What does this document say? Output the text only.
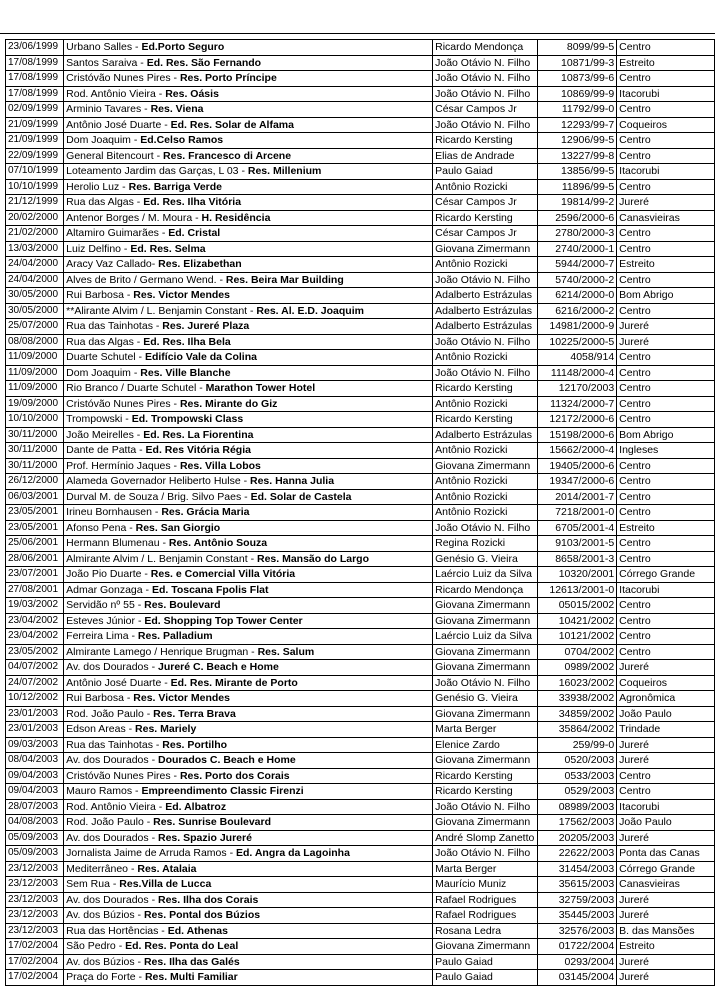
23/06/1999	Urbano Salles - Ed.Porto Seguro	Ricardo Mendonça	8099/99-5	Centro
17/08/1999	Santos Saraiva - Ed. Res. São Fernando	João Otávio N. Filho	10871/99-3	Estreito
17/08/1999	Cristóvão Nunes Pires - Res. Porto Príncipe	João Otávio N. Filho	10873/99-6	Centro
17/08/1999	Rod. Antônio Vieira - Res. Oásis	João Otávio N. Filho	10869/99-9	Itacorubi
02/09/1999	Arminio Tavares - Res. Viena	César Campos Jr	11792/99-0	Centro
21/09/1999	Antônio José Duarte - Ed. Res. Solar de Alfama	João Otávio N. Filho	12293/99-7	Coqueiros
21/09/1999	Dom Joaquim - Ed.Celso Ramos	Ricardo Kersting	12906/99-5	Centro
22/09/1999	General Bitencourt - Res. Francesco di Arcene	Elias de Andrade	13227/99-8	Centro
07/10/1999	Loteamento Jardim das Garças, L 03 - Res. Millenium	Paulo Gaiad	13856/99-5	Itacorubi
10/10/1999	Herolio Luz - Res. Barriga Verde	Antônio Rozicki	11896/99-5	Centro
21/12/1999	Rua das Algas - Ed. Res. Ilha Vitória	César Campos Jr	19814/99-2	Jureré
20/02/2000	Antenor Borges / M. Moura - H. Residência	Ricardo Kersting	2596/2000-6	Canasvieiras
21/02/2000	Altamiro Guimarães - Ed. Cristal	César Campos Jr	2780/2000-3	Centro
13/03/2000	Luiz Delfino - Ed. Res. Selma	Giovana Zimermann	2740/2000-1	Centro
24/04/2000	Aracy Vaz Callado- Res. Elizabethan	Antônio Rozicki	5944/2000-7	Estreito
24/04/2000	Alves de Brito / Germano Wend. - Res. Beira Mar Building	João Otávio N. Filho	5740/2000-2	Centro
30/05/2000	Rui Barbosa - Res. Victor Mendes	Adalberto Estrázulas	6214/2000-0	Bom Abrigo
30/05/2000	**Alirante Alvim / L. Benjamin Constant - Res. Al. E.D. Joaquim	Adalberto Estrázulas	6216/2000-2	Centro
25/07/2000	Rua das Tainhotas - Res. Jureré Plaza	Adalberto Estrázulas	14981/2000-9	Jureré
08/08/2000	Rua das Algas - Ed. Res. Ilha Bela	João Otávio N. Filho	10225/2000-5	Jureré
11/09/2000	Duarte Schutel - Edifício Vale da Colina	Antônio Rozicki	4058/914	Centro
11/09/2000	Dom Joaquim - Res. Ville Blanche	João Otávio N. Filho	11148/2000-4	Centro
11/09/2000	Rio Branco / Duarte Schutel - Marathon Tower Hotel	Ricardo Kersting	12170/2003	Centro
19/09/2000	Cristóvão Nunes Pires - Res. Mirante do Giz	Antônio Rozicki	11324/2000-7	Centro
10/10/2000	Trompowski - Ed. Trompowski Class	Ricardo Kersting	12172/2000-6	Centro
30/11/2000	João Meirelles - Ed. Res. La Fiorentina	Adalberto Estrázulas	15198/2000-6	Bom Abrigo
30/11/2000	Dante de Patta - Ed. Res Vitória Régia	Antônio Rozicki	15662/2000-4	Ingleses
30/11/2000	Prof. Hermínio Jaques - Res. Villa Lobos	Giovana Zimermann	19405/2000-6	Centro
26/12/2000	Alameda Governador Heliberto Hulse - Res. Hanna Julia	Antônio Rozicki	19347/2000-6	Centro
06/03/2001	Durval M. de Souza / Brig. Silvo Paes - Ed. Solar de Castela	Antônio Rozicki	2014/2001-7	Centro
23/05/2001	Irineu Bornhausen - Res. Grácia Maria	Antônio Rozicki	7218/2001-0	Centro
23/05/2001	Afonso Pena - Res. San Giorgio	João Otávio N. Filho	6705/2001-4	Estreito
25/06/2001	Hermann Blumenau - Res. Antônio Souza	Regina Rozicki	9103/2001-5	Centro
28/06/2001	Almirante Alvim / L. Benjamin Constant - Res. Mansão do Largo	Genésio G. Vieira	8658/2001-3	Centro
23/07/2001	João Pio Duarte - Res. e Comercial Villa Vitória	Laércio Luiz da Silva	10320/2001	Córrego Grande
27/08/2001	Admar Gonzaga - Ed. Toscana Fpolis Flat	Ricardo Mendonça	12613/2001-0	Itacorubi
19/03/2002	Servidão nº 55 - Res. Boulevard	Giovana Zimermann	05015/2002	Centro
23/04/2002	Esteves Júnior - Ed. Shopping Top Tower Center	Giovana Zimermann	10421/2002	Centro
23/04/2002	Ferreira Lima - Res. Palladium	Laércio Luiz da Silva	10121/2002	Centro
23/05/2002	Almirante Lamego / Henrique Brugman - Res. Salum	Giovana Zimermann	0704/2002	Centro
04/07/2002	Av. dos Dourados - Jureré C. Beach e Home	Giovana Zimermann	0989/2002	Jureré
24/07/2002	Antônio José Duarte - Ed. Res. Mirante de Porto	João Otávio N. Filho	16023/2002	Coqueiros
10/12/2002	Rui Barbosa - Res. Victor Mendes	Genésio G. Vieira	33938/2002	Agronômica
23/01/2003	Rod. João Paulo - Res. Terra Brava	Giovana Zimermann	34859/2002	João Paulo
23/01/2003	Edson Areas - Res. Mariely	Marta Berger	35864/2002	Trindade
09/03/2003	Rua das Tainhotas - Res. Portilho	Elenice Zardo	259/99-0	Jureré
08/04/2003	Av. dos Dourados - Dourados C. Beach e Home	Giovana Zimermann	0520/2003	Jureré
09/04/2003	Cristóvão Nunes Pires - Res. Porto dos Corais	Ricardo Kersting	0533/2003	Centro
09/04/2003	Mauro Ramos - Empreendimento Classic Firenzi	Ricardo Kersting	0529/2003	Centro
28/07/2003	Rod. Antônio Vieira - Ed. Albatroz	João Otávio N. Filho	08989/2003	Itacorubi
04/08/2003	Rod. João Paulo - Res. Sunrise Boulevard	Giovana Zimermann	17562/2003	João Paulo
05/09/2003	Av. dos Dourados - Res. Spazio Jureré	André Slomp Zanetto	20205/2003	Jureré
05/09/2003	Jornalista Jaime de Arruda Ramos - Ed. Angra da Lagoinha	João Otávio N. Filho	22622/2003	Ponta das Canas
23/12/2003	Mediterrâneo - Res. Atalaia	Marta Berger	31454/2003	Córrego Grande
23/12/2003	Sem Rua - Res.Villa de Lucca	Maurício Muniz	35615/2003	Canasvieiras
23/12/2003	Av. dos Dourados - Res. Ilha dos Corais	Rafael Rodrigues	32759/2003	Jureré
23/12/2003	Av. dos Búzios - Res. Pontal dos Búzios	Rafael Rodrigues	35445/2003	Jureré
23/12/2003	Rua das Hortências - Ed. Athenas	Rosana Ledra	32576/2003	B. das Mansões
17/02/2004	São Pedro - Ed. Res. Ponta do Leal	Giovana Zimermann	01722/2004	Estreito
17/02/2004	Av. dos Búzios - Res. Ilha das Galés	Paulo Gaiad	0293/2004	Jureré
17/02/2004	Praça do Forte - Res. Multi Familiar	Paulo Gaiad	03145/2004	Jureré
